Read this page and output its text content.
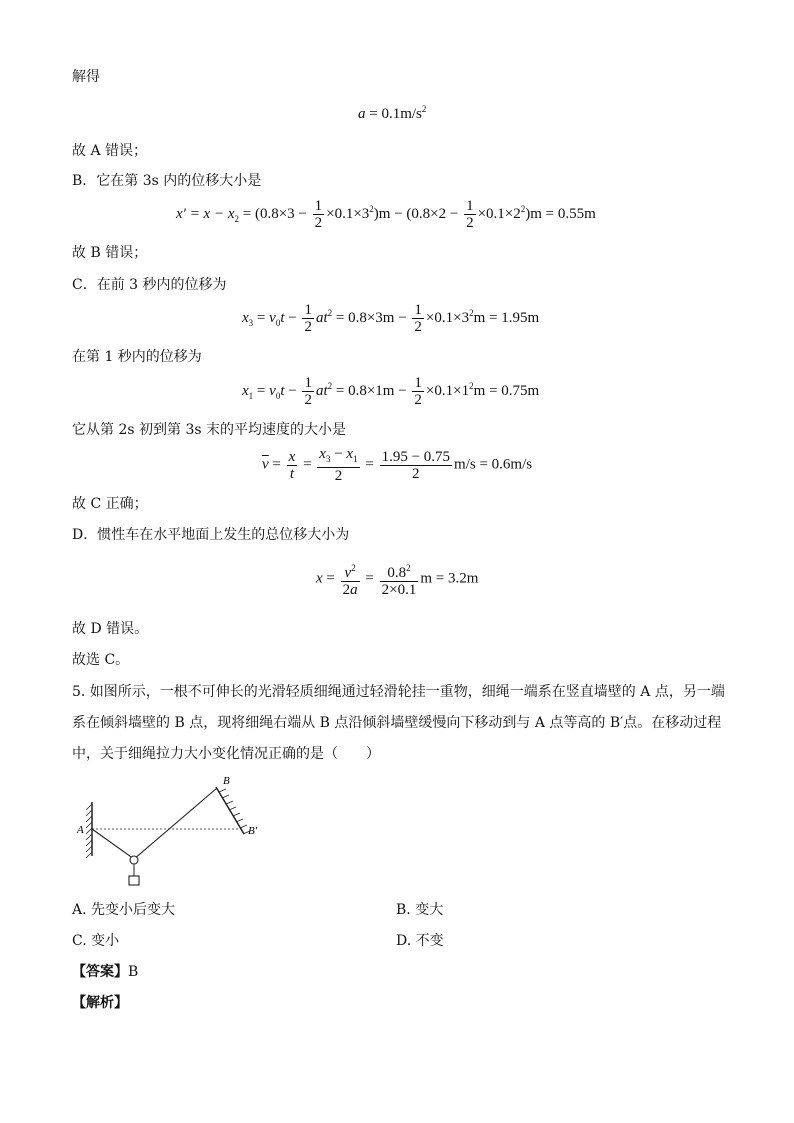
解得
$a = 0.1m/s^2$
故 A 错误；
B．它在第 3s 内的位移大小是
$x' = x - x_2 = (0.8\times 3 - \frac{1}{2} \times 0.1\times 3^2)m - (0.8\times 2 - \frac{1}{2} \times 0.1\times 2^2)m = 0.55m$
故 B 错误；
C．在前 3 秒内的位移为
$x_3 = v_0t - \frac{1}{2} at^2 = 0.8\times 3m - \frac{1}{2} \times 0.1\times 3^2m = 1.95m$
在第 1 秒内的位移为
$x_1 = v_0t - \frac{1}{2} at^2 = 0.8\times 1m - \frac{1}{2} \times 0.1\times 1^2m = 0.75m$
它从第 2s 初到第 3s 末的平均速度的大小是
$\overline{v} = \frac{x}{t} = \frac{x_3 - x_1}{2} = \frac{1.95 - 0.75}{2} m/s = 0.6m/s$
故 C 正确；
D．惯性车在水平地面上发生的总位移大小为
$x = \frac{v^2}{2a} = \frac{0.8^2}{2\times 0.1}$ m = 3.2m
故 D 错误。
故选 C。
5. 如图所示，一根不可伸长的光滑轻质细绳通过轻滑轮挂一重物，细绳一端系在竖直墙壁的 A 点，另一端
系在倾斜墙壁的 B 点，现将细绳右端从 B 点沿倾斜墙壁缓慢向下移动到与 A 点等高的 B′点。在移动过程
中，关于细绳拉力大小变化情况正确的是（　　）
A
B
B′
A. 先变小后变大	B. 变大
C. 变小	D. 不变
【答案】B
【解析】
